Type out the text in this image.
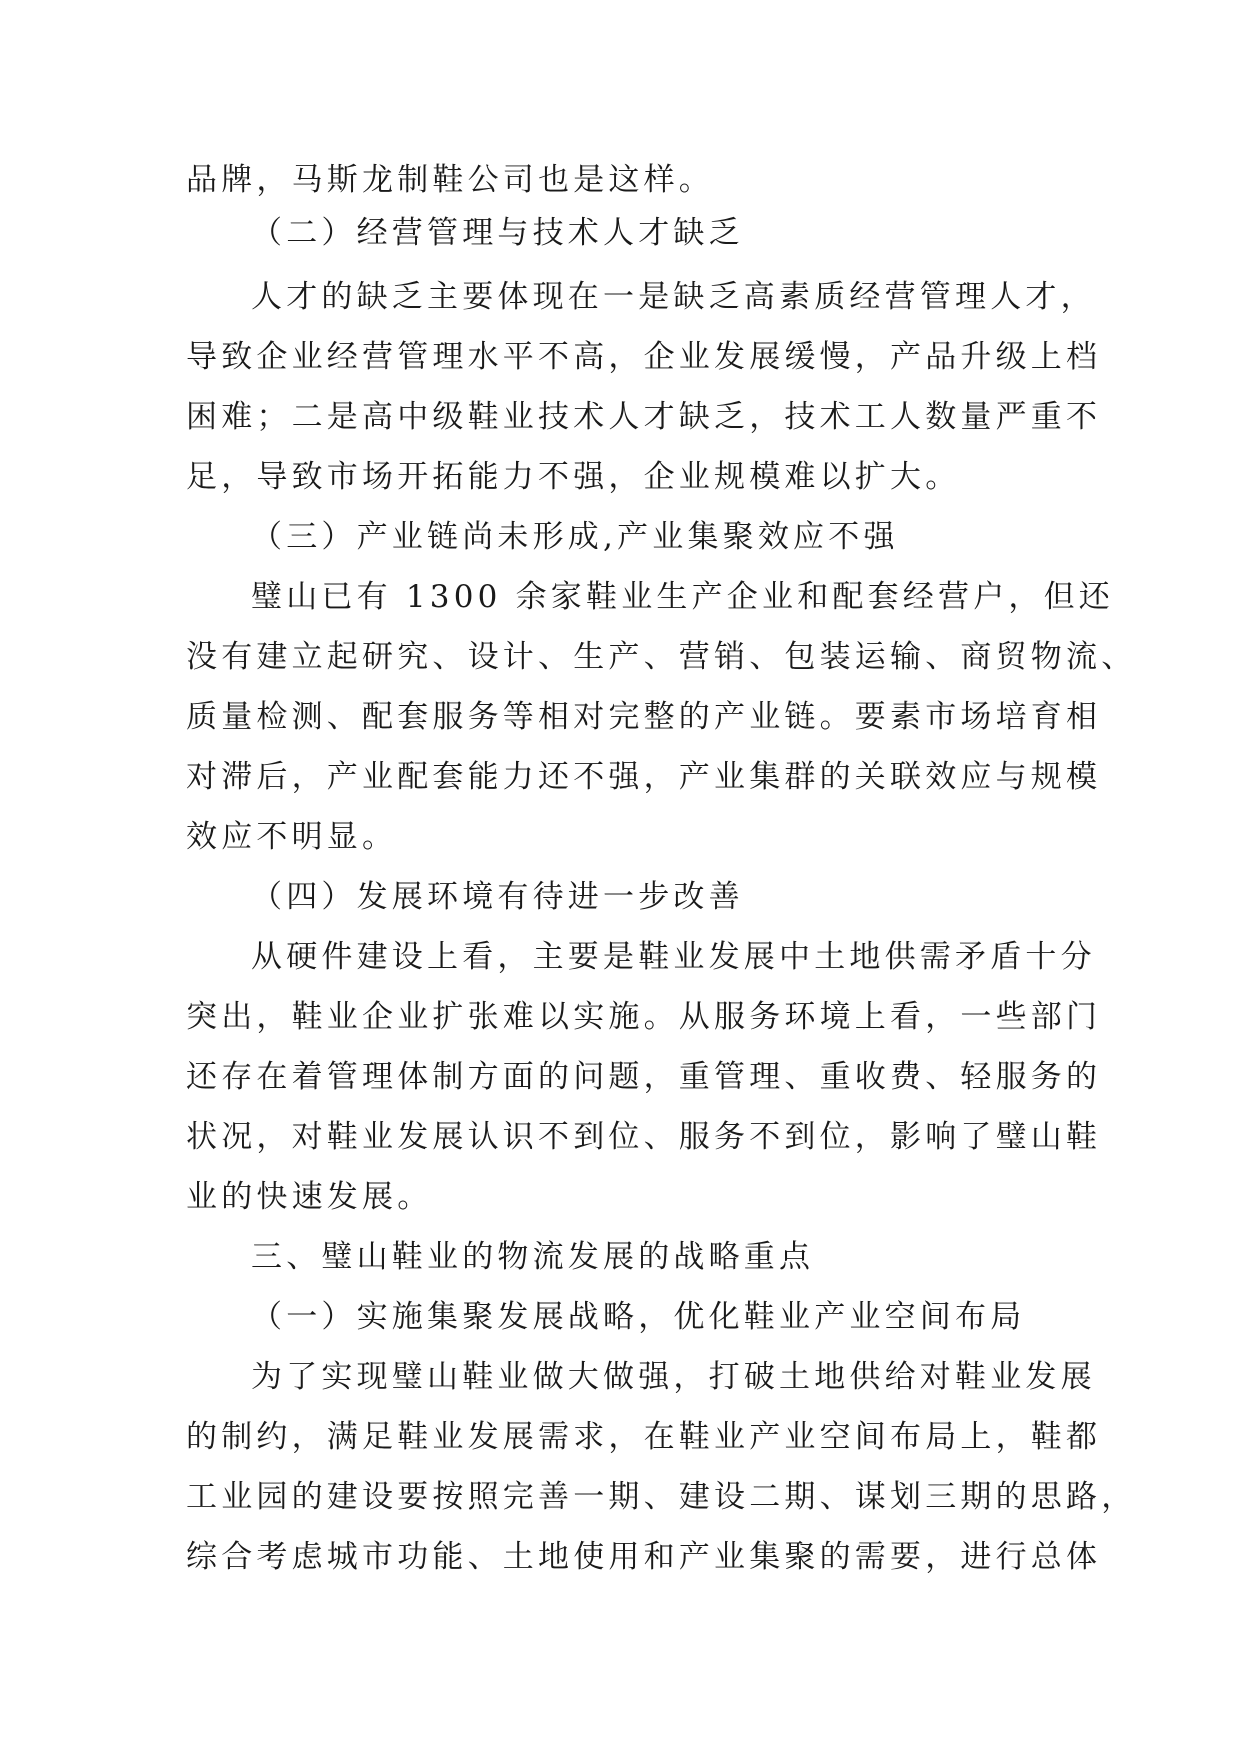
品牌，马斯龙制鞋公司也是这样。
（二）经营管理与技术人才缺乏
人才的缺乏主要体现在一是缺乏高素质经营管理人才，
导致企业经营管理水平不高，企业发展缓慢，产品升级上档
困难；二是高中级鞋业技术人才缺乏，技术工人数量严重不
足，导致市场开拓能力不强，企业规模难以扩大。
（三）产业链尚未形成,产业集聚效应不强
璧山已有 1300 余家鞋业生产企业和配套经营户，但还
没有建立起研究、设计、生产、营销、包装运输、商贸物流、
质量检测、配套服务等相对完整的产业链。要素市场培育相
对滞后，产业配套能力还不强，产业集群的关联效应与规模
效应不明显。
（四）发展环境有待进一步改善
从硬件建设上看，主要是鞋业发展中土地供需矛盾十分
突出，鞋业企业扩张难以实施。从服务环境上看，一些部门
还存在着管理体制方面的问题，重管理、重收费、轻服务的
状况，对鞋业发展认识不到位、服务不到位，影响了璧山鞋
业的快速发展。
三、璧山鞋业的物流发展的战略重点
（一）实施集聚发展战略，优化鞋业产业空间布局
为了实现璧山鞋业做大做强，打破土地供给对鞋业发展
的制约，满足鞋业发展需求，在鞋业产业空间布局上，鞋都
工业园的建设要按照完善一期、建设二期、谋划三期的思路，
综合考虑城市功能、土地使用和产业集聚的需要，进行总体
